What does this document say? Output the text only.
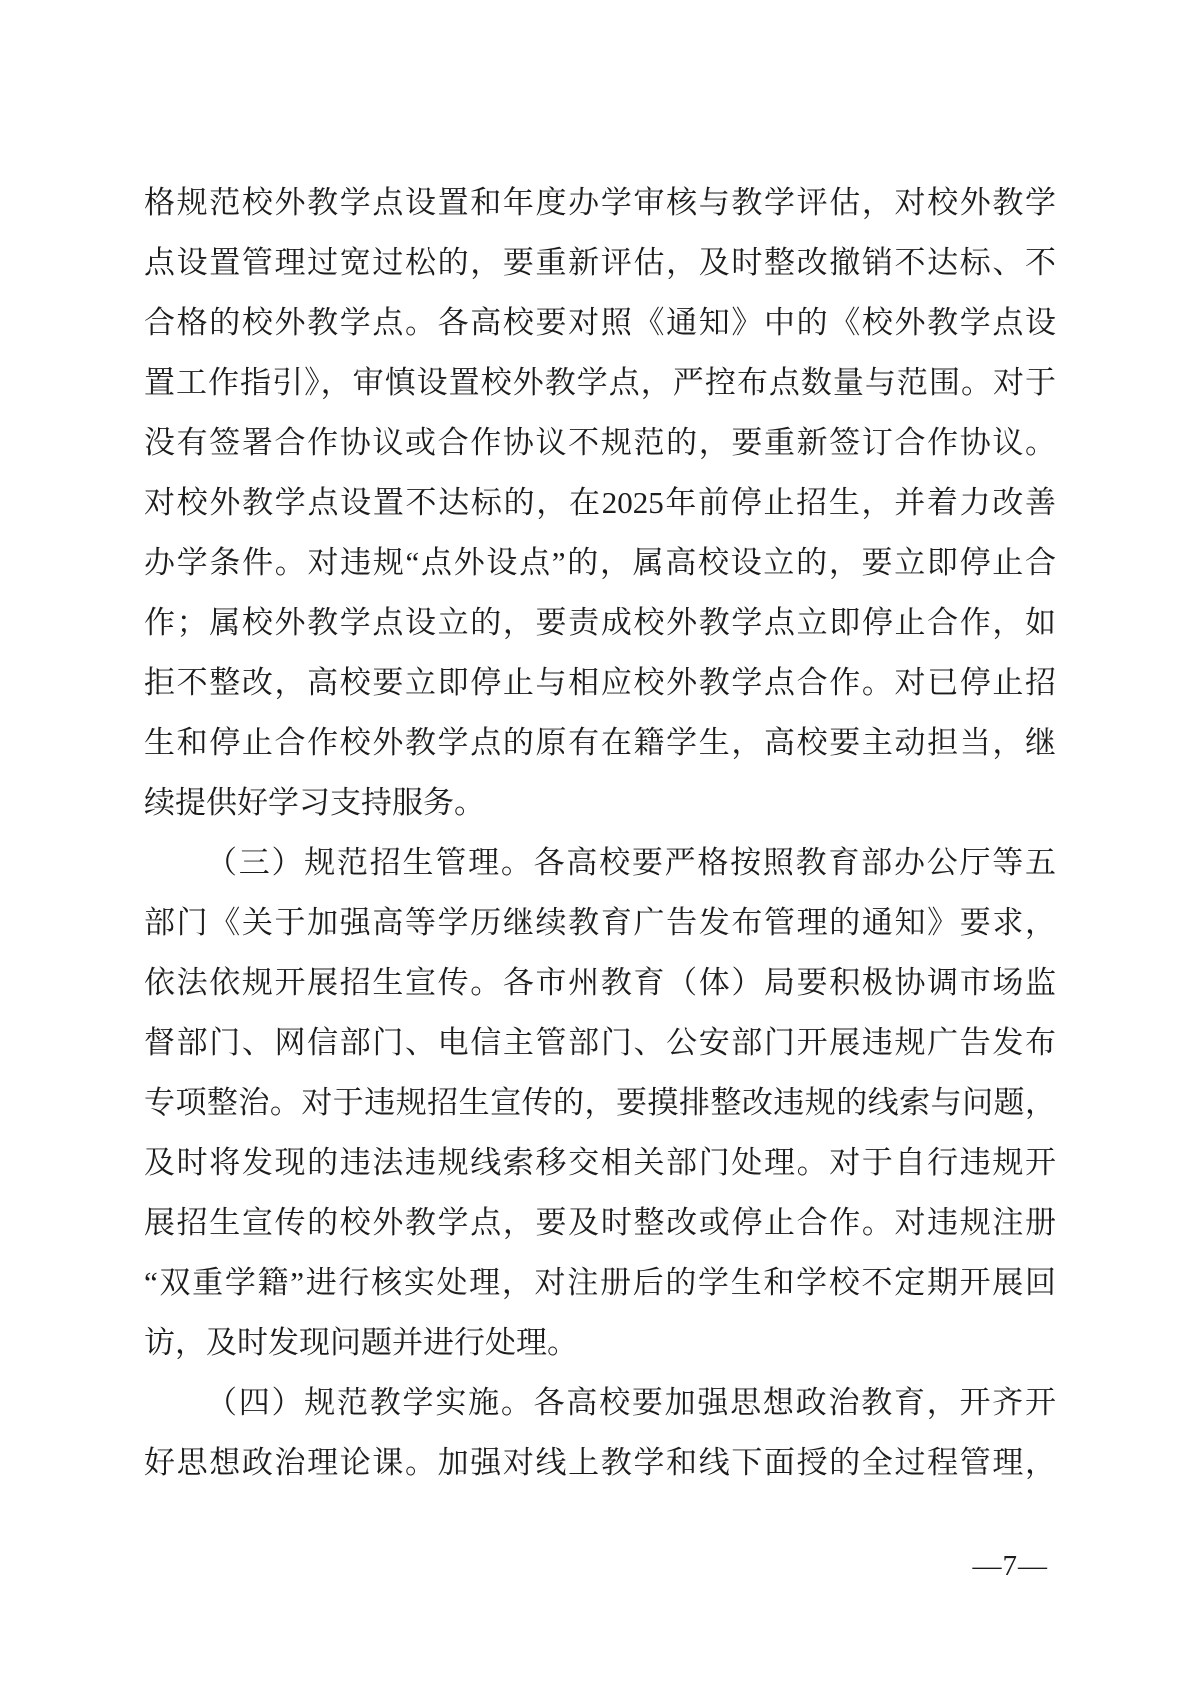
格规范校外教学点设置和年度办学审核与教学评估，对校外教学
点设置管理过宽过松的，要重新评估，及时整改撤销不达标、不
合格的校外教学点。各高校要对照《通知》中的《校外教学点设
置工作指引》，审慎设置校外教学点，严控布点数量与范围。对于
没有签署合作协议或合作协议不规范的，要重新签订合作协议。
对校外教学点设置不达标的，在2025年前停止招生，并着力改善
办学条件。对违规“点外设点”的，属高校设立的，要立即停止合
作；属校外教学点设立的，要责成校外教学点立即停止合作，如
拒不整改，高校要立即停止与相应校外教学点合作。对已停止招
生和停止合作校外教学点的原有在籍学生，高校要主动担当，继
续提供好学习支持服务。
（三）规范招生管理。各高校要严格按照教育部办公厅等五
部门《关于加强高等学历继续教育广告发布管理的通知》要求，
依法依规开展招生宣传。各市州教育（体）局要积极协调市场监
督部门、网信部门、电信主管部门、公安部门开展违规广告发布
专项整治。对于违规招生宣传的，要摸排整改违规的线索与问题，
及时将发现的违法违规线索移交相关部门处理。对于自行违规开
展招生宣传的校外教学点，要及时整改或停止合作。对违规注册
“双重学籍”进行核实处理，对注册后的学生和学校不定期开展回
访，及时发现问题并进行处理。
（四）规范教学实施。各高校要加强思想政治教育，开齐开
好思想政治理论课。加强对线上教学和线下面授的全过程管理，
—7—
